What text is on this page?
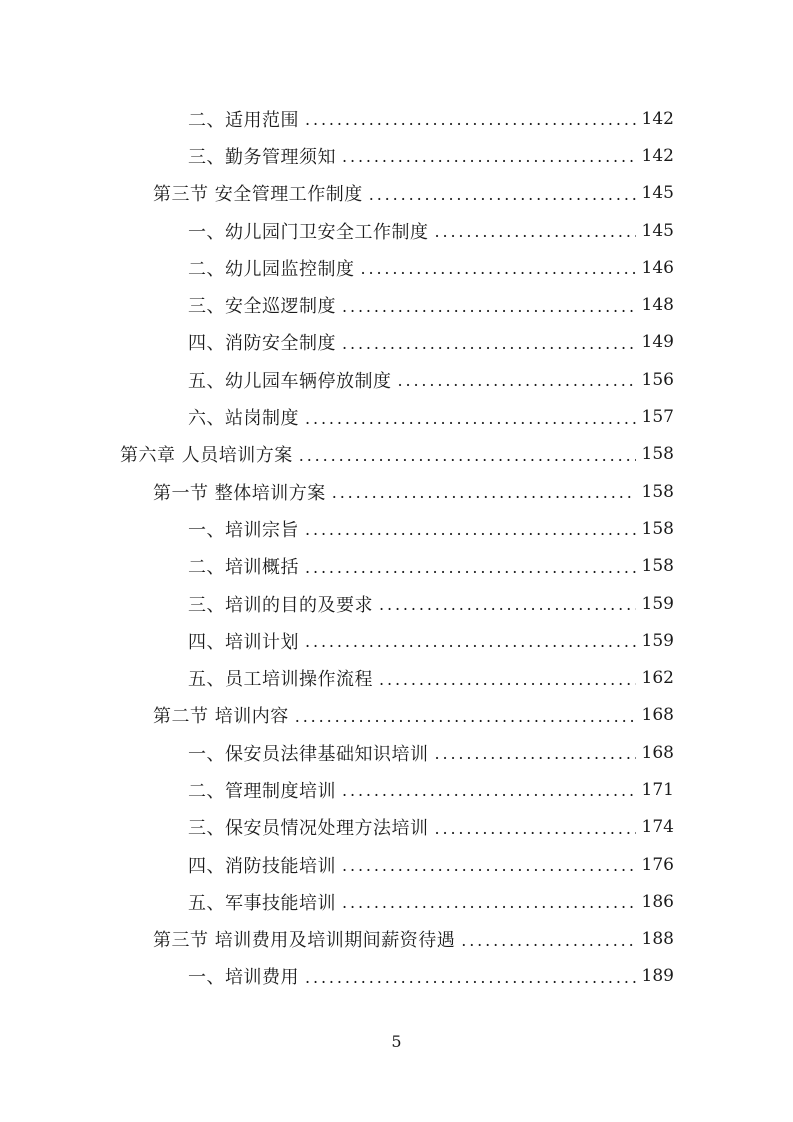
二、适用范围 . . .	142
三、勤务管理须知 . . .	142
第三节 安全管理工作制度 . . .	145
一、幼儿园门卫安全工作制度 . . .	145
二、幼儿园监控制度 . . .	146
三、安全巡逻制度 . . .	148
四、消防安全制度 . . .	149
五、幼儿园车辆停放制度 . . .	156
六、站岗制度 . . .	157
第六章 人员培训方案 . . .	158
第一节 整体培训方案 . . .	158
一、培训宗旨 . . .	158
二、培训概括 . . .	158
三、培训的目的及要求 . . .	159
四、培训计划 . . .	159
五、员工培训操作流程 . . .	162
第二节 培训内容 . . .	168
一、保安员法律基础知识培训 . . .	168
二、管理制度培训 . . .	171
三、保安员情况处理方法培训 . . .	174
四、消防技能培训 . . .	176
五、军事技能培训 . . .	186
第三节 培训费用及培训期间薪资待遇 . . .	188
一、培训费用 . . .	189
5
